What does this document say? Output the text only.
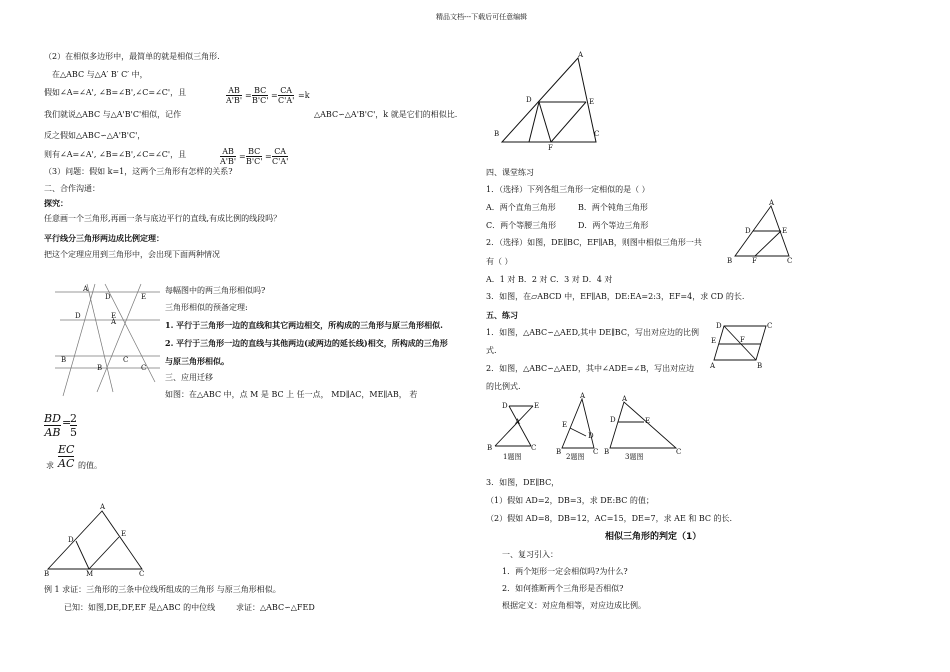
精品文档---下载后可任意编辑
（2）在相似多边形中，最简单的就是相似三角形.
在△ABC 与△A′ B′ C′ 中，
假如∠A=∠A', ∠B=∠B',∠C=∠C'，且	$\frac{AB}{A'B'} = \frac{BC}{B'C'} = \frac{CA}{C'A'} =k$
我们就说△ABC 与△A'B'C'相似，记作	△ABC∽△A'B'C'，k 就是它们的相似比.
反之假如△ABC∽△A'B'C'，
则有∠A=∠A', ∠B=∠B',∠C=∠C'，且	$\frac{AB}{A'B'} = \frac{BC}{B'C'} = \frac{CA}{C'A'}$
（3）问题：假如 k=1，这两个三角形有怎样的关系?
二、合作沟通：
探究：
任意画一个三角形,再画一条与底边平行的直线,有成比例的线段吗？
平行线分三角形两边成比例定理：
把这个定理应用到三角形中，会出现下面两种情况
A
D	E
D	E
A
B	C
B	C
每幅图中的两三角形相似吗?
三角形相似的预备定理:
1. 平行于三角形一边的直线和其它两边相交，所构成的三角形与原三角形相似.
2. 平行于三角形一边的直线与其他两边(或两边的延长线)相交，所构成的三角形
与原三角形相似。
三、应用迁移
如图：在△ABC 中，点 M 是 BC 上 任一点， MD∥AC，ME∥AB， 若
$\frac{BD}{AB}$ =
$\frac{2}{5}$
求 $\frac{EC}{AC}$ 的值。
A
D
E
B	M	C
例 1 求证：三角形的三条中位线所组成的三角形 与原三角形相似。
已知：如图,DE,DF,EF 是△ABC 的中位线	求证：△ABC∽△FED
A
D	E
B
F
C
四、课堂练习
1．（选择）下列各组三角形一定相似的是（ ）
A．两个直角三角形	B．两个钝角三角形
C．两个等腰三角形	D．两个等边三角形
2．（选择）如图，DE∥BC，EF∥AB，则图中相似三角形一共
有（ ）
A．1 对 B．2 对 C．3 对 D．4 对
3．如图，在▱ABCD 中，EF∥AB，DE:EA=2:3，EF=4，求 CD 的长.
A
D	E
B	F	C
五、练习
1．如图，△ABC∽△AED,其中 DE∥BC，写出对应边的比例
式.
2．如图，△ABC∽△AED，其中∠ADE=∠B，写出对应边
的比例式.
D	C
E	F
A	B
D	E
A
B	C
1题图
A
E
D
B	C
2题图
A
D	E
B	C
3题图
3．如图，DE∥BC，
（1）假如 AD=2，DB=3，求 DE:BC 的值；
（2）假如 AD=8，DB=12，AC=15，DE=7，求 AE 和 BC 的长.
相似三角形的判定（1）
一、复习引入：
1．两个矩形一定会相似吗?为什么?
2．如何推断两个三角形是否相似?
根据定义：对应角相等，对应边成比例。
